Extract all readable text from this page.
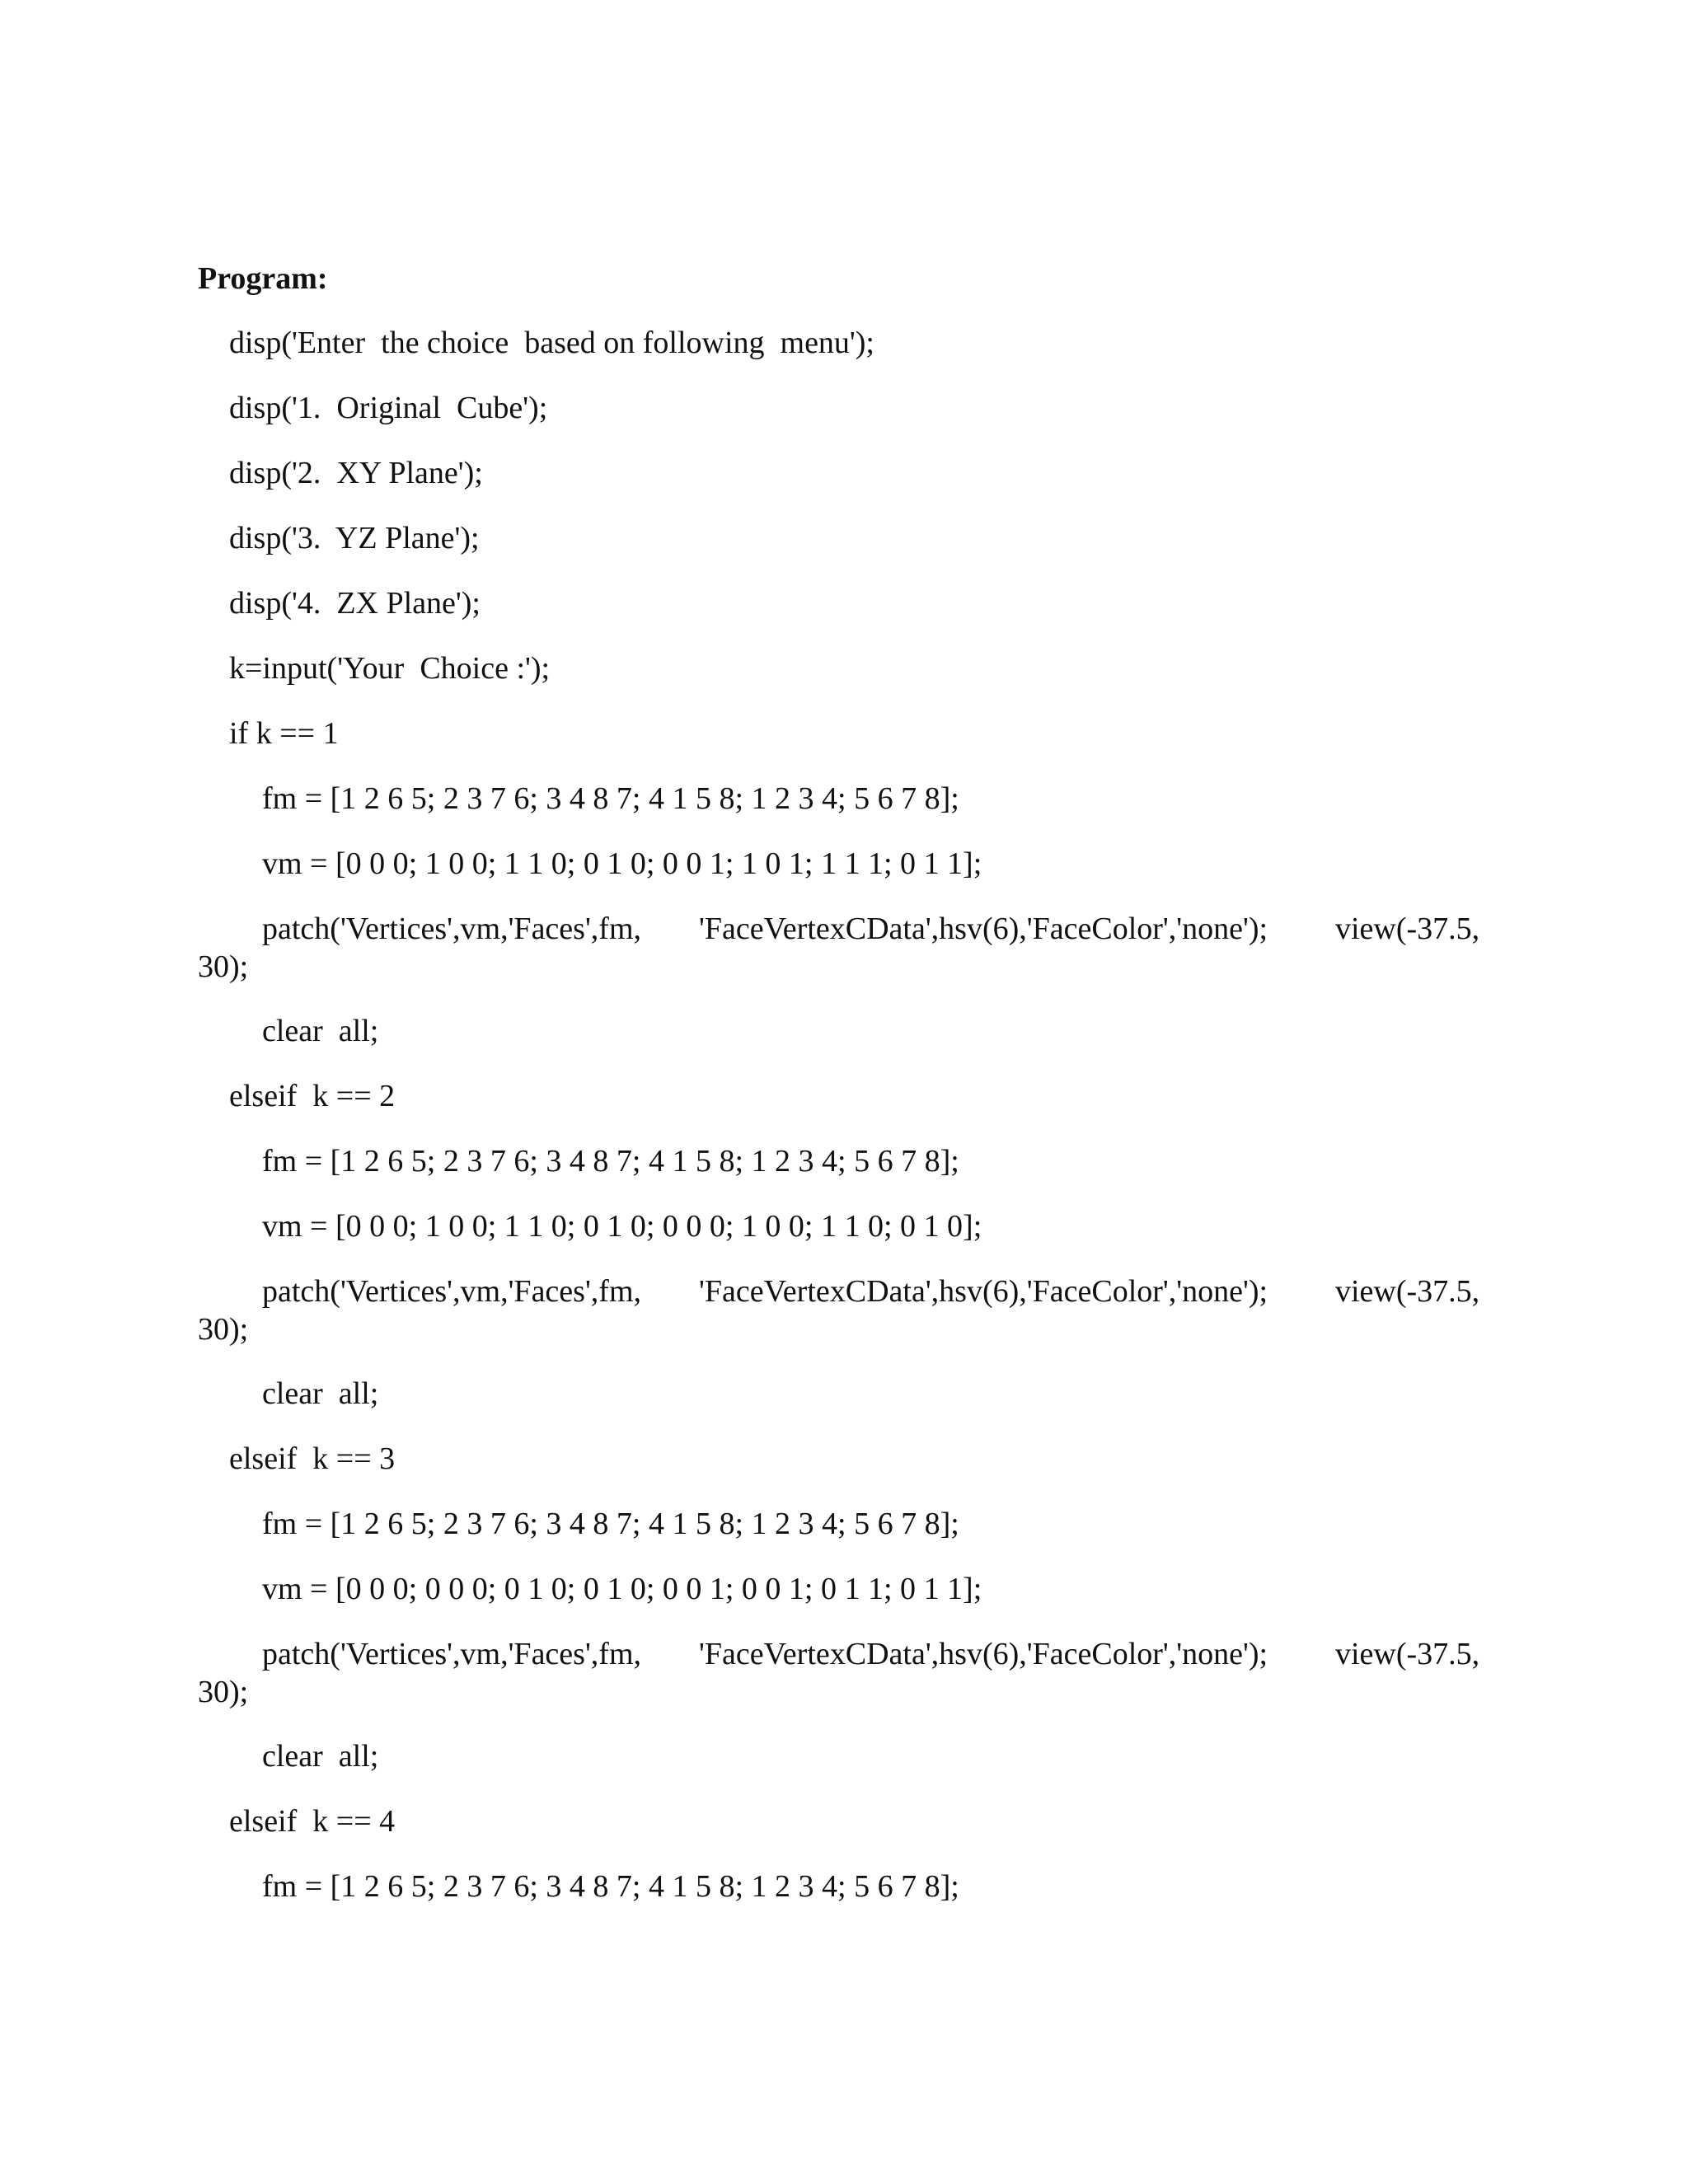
Program:
disp('Enter  the choice  based on following  menu');
disp('1.  Original  Cube');
disp('2.  XY Plane');
disp('3.  YZ Plane');
disp('4.  ZX Plane');
k=input('Your  Choice :');
if k == 1
fm = [1 2 6 5; 2 3 7 6; 3 4 8 7; 4 1 5 8; 1 2 3 4; 5 6 7 8];
vm = [0 0 0; 1 0 0; 1 1 0; 0 1 0; 0 0 1; 1 0 1; 1 1 1; 0 1 1];
patch('Vertices',vm,'Faces',fm, 'FaceVertexCData',hsv(6),'FaceColor','none'); view(-37.5,
30);
clear  all;
elseif  k == 2
fm = [1 2 6 5; 2 3 7 6; 3 4 8 7; 4 1 5 8; 1 2 3 4; 5 6 7 8];
vm = [0 0 0; 1 0 0; 1 1 0; 0 1 0; 0 0 0; 1 0 0; 1 1 0; 0 1 0];
patch('Vertices',vm,'Faces',fm, 'FaceVertexCData',hsv(6),'FaceColor','none'); view(-37.5,
30);
clear  all;
elseif  k == 3
fm = [1 2 6 5; 2 3 7 6; 3 4 8 7; 4 1 5 8; 1 2 3 4; 5 6 7 8];
vm = [0 0 0; 0 0 0; 0 1 0; 0 1 0; 0 0 1; 0 0 1; 0 1 1; 0 1 1];
patch('Vertices',vm,'Faces',fm, 'FaceVertexCData',hsv(6),'FaceColor','none'); view(-37.5,
30);
clear  all;
elseif  k == 4
fm = [1 2 6 5; 2 3 7 6; 3 4 8 7; 4 1 5 8; 1 2 3 4; 5 6 7 8];
